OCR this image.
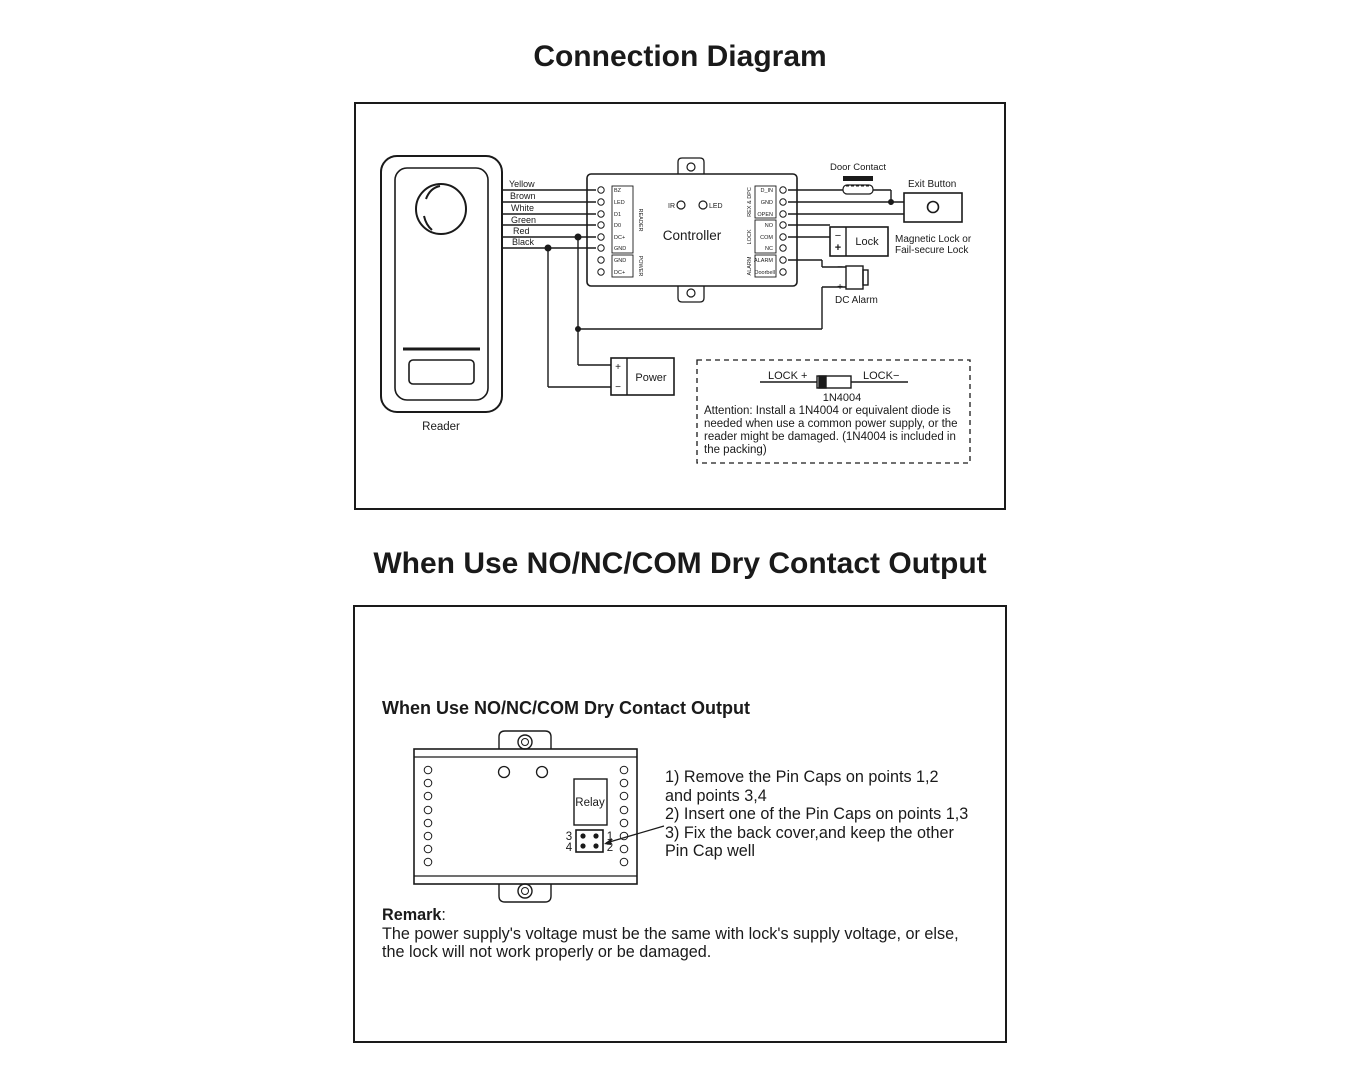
Connection Diagram
When Use NO/NC/COM Dry Contact Output
Reader
Yellow
Brown
White
Green
Red
Black
BZ
LED
D1
D0
DC+
GND
GND
DC+
D_IN
GND
OPEN
NO
COM
NC
ALARM
Doorbell
READER
POWER
REX & DPC
LOCK
ALARM
IR	LED
Controller
Door Contact
Exit Button
−
+ Lock Magnetic Lock or
Fail-secure Lock
−
+
DC Alarm
+
−
Power	LOCK +	LOCK−
1N4004
Relay
3
4
1
2
Attention: Install a 1N4004 or equivalent diode is needed when use a common power supply, or the reader might be damaged. (1N4004 is included in the packing)
When Use NO/NC/COM Dry Contact Output
1) Remove the Pin Caps on points 1,2
and points 3,4
2) Insert one of the Pin Caps on points 1,3
3) Fix the back cover,and keep the other
Pin Cap well
Remark:
The power supply's voltage must be the same with lock's supply voltage, or else, the lock will not work properly or be damaged.
